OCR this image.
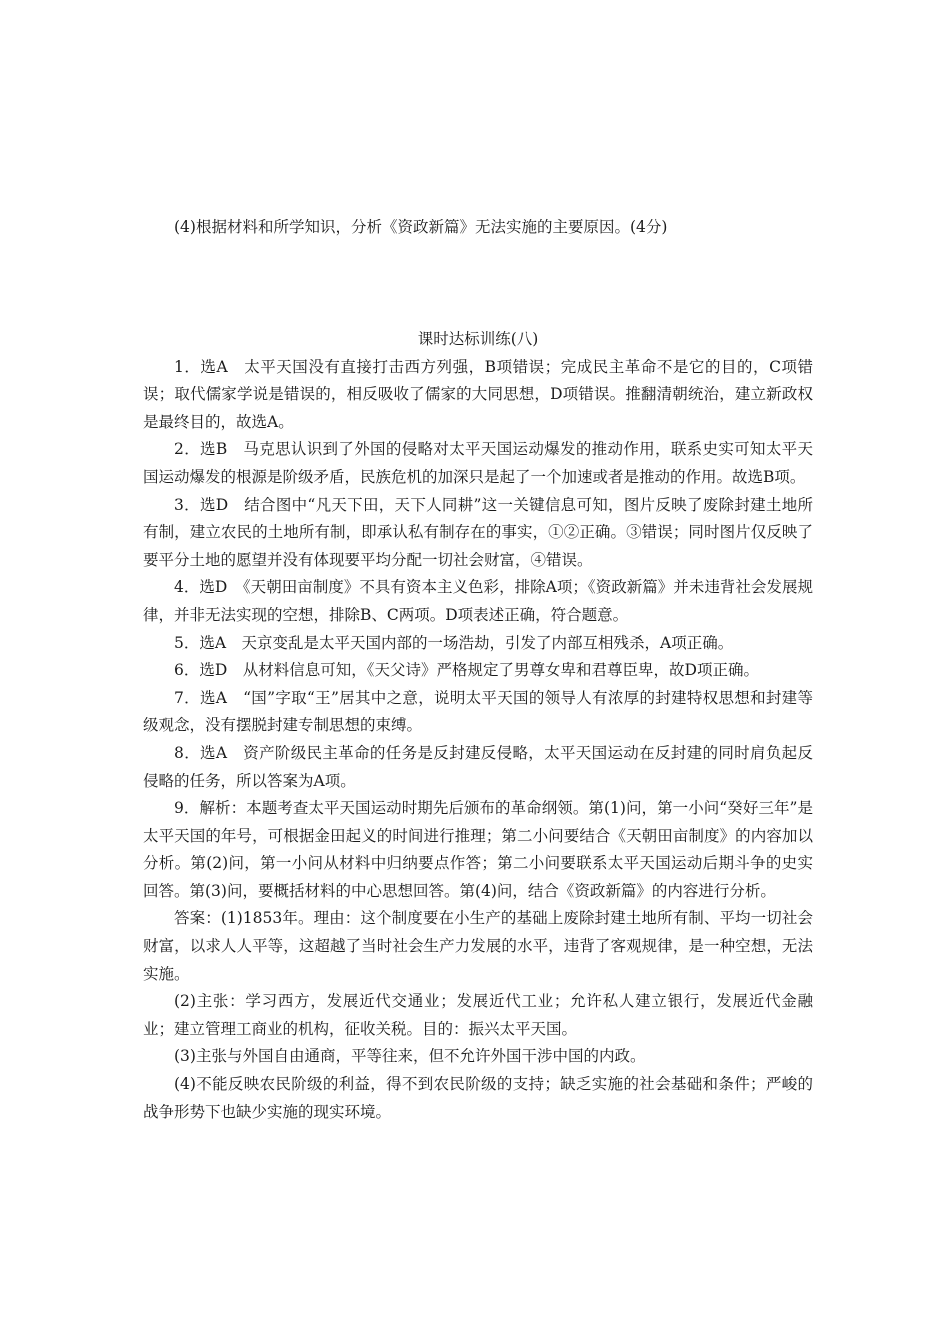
(4)根据材料和所学知识，分析《资政新篇》无法实施的主要原因。(4分)

课时达标训练(八)

1．选A　太平天国没有直接打击西方列强，B项错误；完成民主革命不是它的目的，C项错误；取代儒家学说是错误的，相反吸收了儒家的大同思想，D项错误。推翻清朝统治，建立新政权是最终目的，故选A。

2．选B　马克思认识到了外国的侵略对太平天国运动爆发的推动作用，联系史实可知太平天国运动爆发的根源是阶级矛盾，民族危机的加深只是起了一个加速或者是推动的作用。故选B项。

3．选D　结合图中“凡天下田，天下人同耕”这一关键信息可知，图片反映了废除封建土地所有制，建立农民的土地所有制，即承认私有制存在的事实，①②正确。③错误；同时图片仅反映了要平分土地的愿望并没有体现要平均分配一切社会财富，④错误。

4．选D　《天朝田亩制度》不具有资本主义色彩，排除A项；《资政新篇》并未违背社会发展规律，并非无法实现的空想，排除B、C两项。D项表述正确，符合题意。

5．选A　天京变乱是太平天国内部的一场浩劫，引发了内部互相残杀，A项正确。

6．选D　从材料信息可知，《天父诗》严格规定了男尊女卑和君尊臣卑，故D项正确。

7．选A　“国”字取“王”居其中之意，说明太平天国的领导人有浓厚的封建特权思想和封建等级观念，没有摆脱封建专制思想的束缚。

8．选A　资产阶级民主革命的任务是反封建反侵略，太平天国运动在反封建的同时肩负起反侵略的任务，所以答案为A项。

9．解析：本题考查太平天国运动时期先后颁布的革命纲领。第(1)问，第一小问“癸好三年”是太平天国的年号，可根据金田起义的时间进行推理；第二小问要结合《天朝田亩制度》的内容加以分析。第(2)问，第一小问从材料中归纳要点作答；第二小问要联系太平天国运动后期斗争的史实回答。第(3)问，要概括材料的中心思想回答。第(4)问，结合《资政新篇》的内容进行分析。

答案：(1)1853年。理由：这个制度要在小生产的基础上废除封建土地所有制、平均一切社会财富，以求人人平等，这超越了当时社会生产力发展的水平，违背了客观规律，是一种空想，无法实施。

(2)主张：学习西方，发展近代交通业；发展近代工业；允许私人建立银行，发展近代金融业；建立管理工商业的机构，征收关税。目的：振兴太平天国。

(3)主张与外国自由通商，平等往来，但不允许外国干涉中国的内政。

(4)不能反映农民阶级的利益，得不到农民阶级的支持；缺乏实施的社会基础和条件；严峻的战争形势下也缺少实施的现实环境。
